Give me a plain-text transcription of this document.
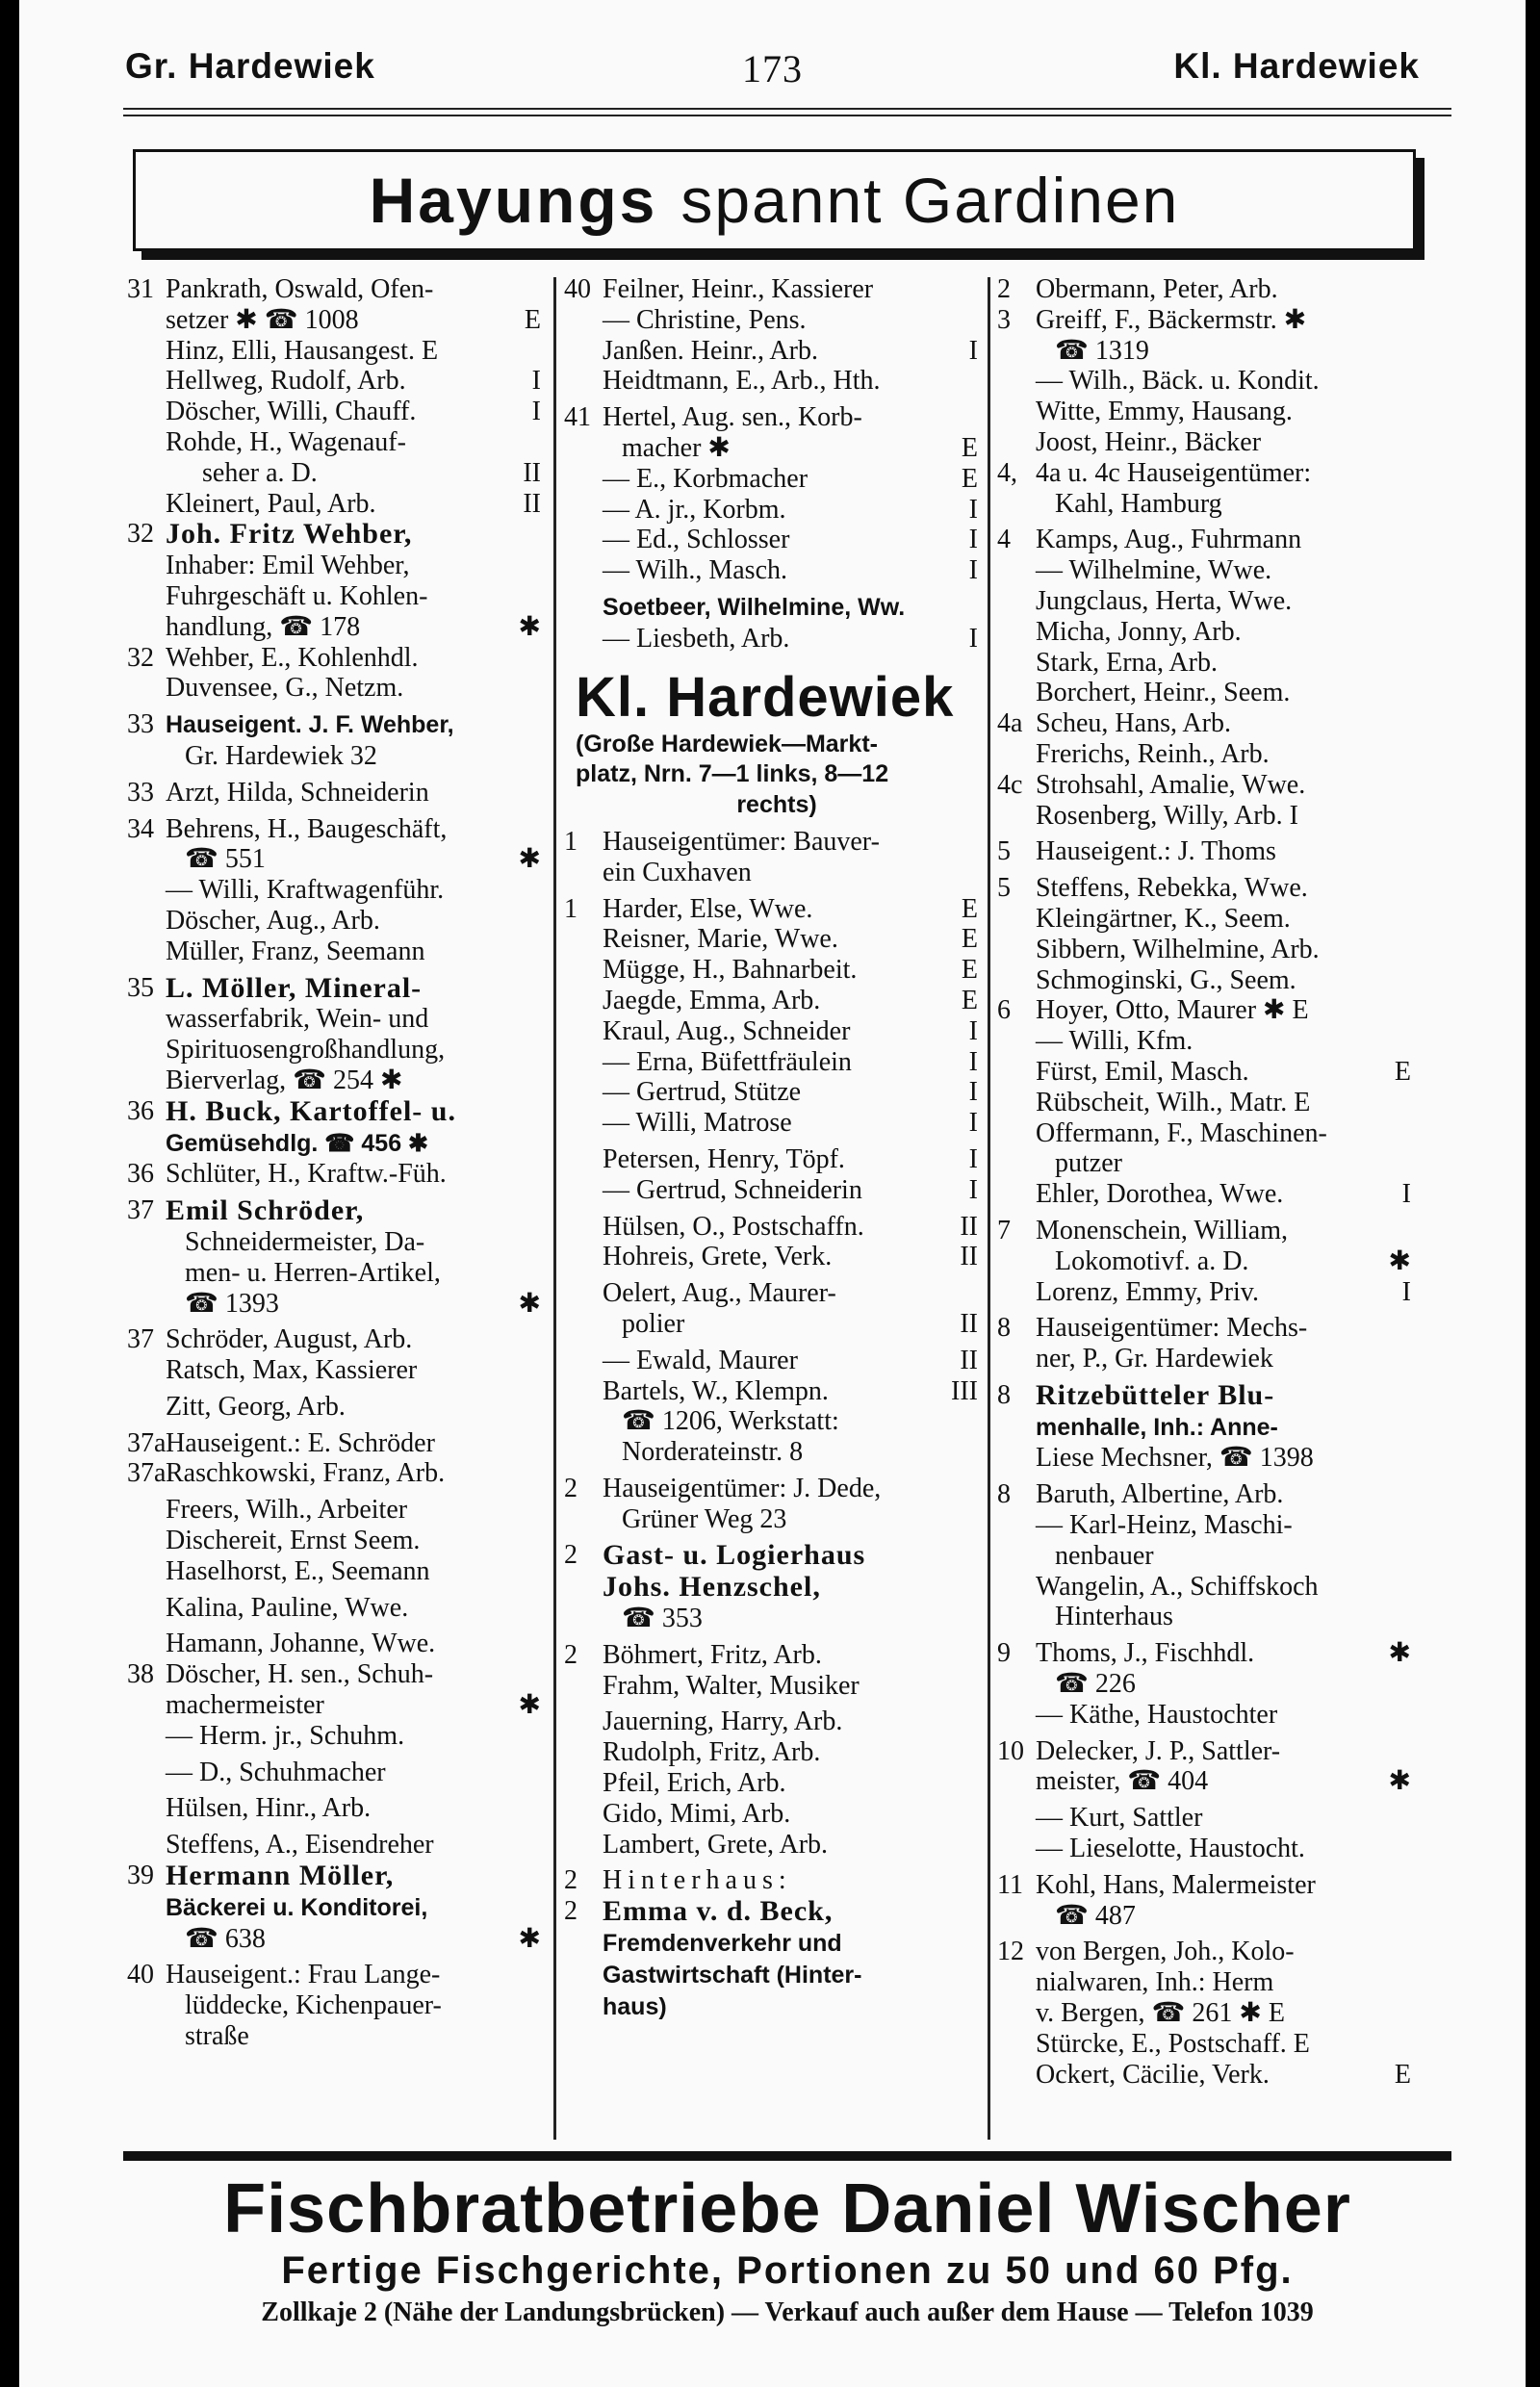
Gr. Hardewiek	173	Kl. Hardewiek
Hayungs spannt Gardinen
31 Pankrath, Oswald, Ofen-
setzer ✱ ☎ 1008	E
Hinz, Elli, Hausangest. E
Hellweg, Rudolf, Arb.	I
Döscher, Willi, Chauff.	I
Rohde, H., Wagenauf-
seher a. D.	II
Kleinert, Paul, Arb.	II
32 Joh. Fritz Wehber,
Inhaber: Emil Wehber,
Fuhrgeschäft u. Kohlen-
handlung, ☎ 178	✱
32 Wehber, E., Kohlenhdl.
Duvensee, G., Netzm.
33 Hauseigent. J. F. Wehber,
Gr. Hardewiek 32
33 Arzt, Hilda, Schneiderin
34 Behrens, H., Baugeschäft,
☎ 551	✱
— Willi, Kraftwagenführ.
Döscher, Aug., Arb.
Müller, Franz, Seemann
35 L. Möller, Mineral-
wasserfabrik, Wein- und
Spirituosengroßhandlung,
Bierverlag, ☎ 254 ✱
36 H. Buck, Kartoffel- u.
Gemüsehdlg. ☎ 456 ✱
36 Schlüter, H., Kraftw.-Füh.
37 Emil Schröder,
Schneidermeister, Da-
men- u. Herren-Artikel,
☎ 1393	✱
37 Schröder, August, Arb.
Ratsch, Max, Kassierer
Zitt, Georg, Arb.
37a Hauseigent.: E. Schröder
37a Raschkowski, Franz, Arb.
Freers, Wilh., Arbeiter
Dischereit, Ernst Seem.
Haselhorst, E., Seemann
Kalina, Pauline, Wwe.
Hamann, Johanne, Wwe.
38 Döscher, H. sen., Schuh-
machermeister	✱
— Herm. jr., Schuhm.
— D., Schuhmacher
Hülsen, Hinr., Arb.
Steffens, A., Eisendreher
39 Hermann Möller,
Bäckerei u. Konditorei,
☎ 638	✱
40 Hauseigent.: Frau Lange-
lüddecke, Kichenpauer-
straße
40 Feilner, Heinr., Kassierer
— Christine, Pens.
Janßen. Heinr., Arb.	I
Heidtmann, E., Arb., Hth.
41 Hertel, Aug. sen., Korb-
macher ✱	E
— E., Korbmacher	E
— A. jr., Korbm.	I
— Ed., Schlosser	I
— Wilh., Masch.	I
Soetbeer, Wilhelmine, Ww.
— Liesbeth, Arb.	I
Kl. Hardewiek
(Große Hardewiek—Markt-
platz, Nrn. 7—1 links, 8—12
rechts)
1 Hauseigentümer: Bauver-
ein Cuxhaven
1 Harder, Else, Wwe.	E
Reisner, Marie, Wwe.	E
Mügge, H., Bahnarbeit.	E
Jaegde, Emma, Arb.	E
Kraul, Aug., Schneider	I
— Erna, Büfettfräulein	I
— Gertrud, Stütze	I
— Willi, Matrose	I
Petersen, Henry, Töpf.	I
— Gertrud, Schneiderin	I
Hülsen, O., Postschaffn.	II
Hohreis, Grete, Verk.	II
Oelert, Aug., Maurer-
polier	II
— Ewald, Maurer	II
Bartels, W., Klempn.	III
☎ 1206, Werkstatt:
Norderateinstr. 8
2 Hauseigentümer: J. Dede,
Grüner Weg 23
2 Gast- u. Logierhaus
Johs. Henzschel,
☎ 353
2 Böhmert, Fritz, Arb.
Frahm, Walter, Musiker
Jauerning, Harry, Arb.
Rudolph, Fritz, Arb.
Pfeil, Erich, Arb.
Gido, Mimi, Arb.
Lambert, Grete, Arb.
2 Hinterhaus:
2 Emma v. d. Beck,
Fremdenverkehr und
Gastwirtschaft (Hinter-
haus)
2 Obermann, Peter, Arb.
3 Greiff, F., Bäckermstr. ✱
☎ 1319
— Wilh., Bäck. u. Kondit.
Witte, Emmy, Hausang.
Joost, Heinr., Bäcker
4, 4a u. 4c Hauseigentümer:
Kahl, Hamburg
4 Kamps, Aug., Fuhrmann
— Wilhelmine, Wwe.
Jungclaus, Herta, Wwe.
Micha, Jonny, Arb.
Stark, Erna, Arb.
Borchert, Heinr., Seem.
4a Scheu, Hans, Arb.
Frerichs, Reinh., Arb.
4c Strohsahl, Amalie, Wwe.
Rosenberg, Willy, Arb. I
5 Hauseigent.: J. Thoms
5 Steffens, Rebekka, Wwe.
Kleingärtner, K., Seem.
Sibbern, Wilhelmine, Arb.
Schmoginski, G., Seem.
6 Hoyer, Otto, Maurer ✱ E
— Willi, Kfm.
Fürst, Emil, Masch.	E
Rübscheit, Wilh., Matr. E
Offermann, F., Maschinen-
putzer
Ehler, Dorothea, Wwe.	I
7 Monenschein, William,
Lokomotivf. a. D.	✱
Lorenz, Emmy, Priv.	I
8 Hauseigentümer: Mechs-
ner, P., Gr. Hardewiek
8 Ritzebütteler Blu-
menhalle, Inh.: Anne-
Liese Mechsner, ☎ 1398
8 Baruth, Albertine, Arb.
— Karl-Heinz, Maschi-
nenbauer
Wangelin, A., Schiffskoch
Hinterhaus
9 Thoms, J., Fischhdl.	✱
☎ 226
— Käthe, Haustochter
10 Delecker, J. P., Sattler-
meister, ☎ 404	✱
— Kurt, Sattler
— Lieselotte, Haustocht.
11 Kohl, Hans, Malermeister
☎ 487
12 von Bergen, Joh., Kolo-
nialwaren, Inh.: Herm
v. Bergen, ☎ 261 ✱ E
Stürcke, E., Postschaff. E
Ockert, Cäcilie, Verk.	E
Fischbratbetriebe Daniel Wischer
Fertige Fischgerichte, Portionen zu 50 und 60 Pfg.
Zollkaje 2 (Nähe der Landungsbrücken) — Verkauf auch außer dem Hause — Telefon 1039
